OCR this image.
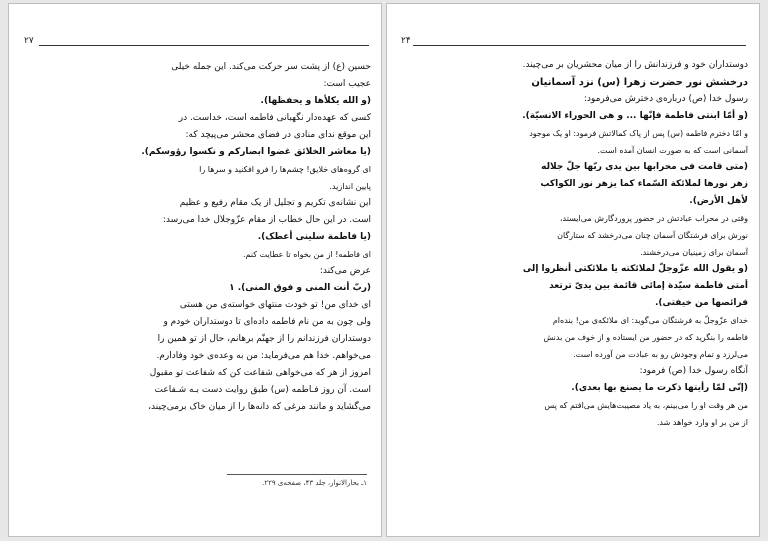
۲۷
حسین (ع) از پشت سر حرکت می‌کند. این جمله خیلی
عجیب است:
(و الله یکلأها و یحفظها).
کسی که عهده‌دار نگهبانی فاطمه است، خداست. در
این موقع ندای منادی در فضای محشر می‌پیچد که:
(یا معاشر الخلائق غضوا ابصارکم و نکسوا رؤوسکم).
ای گروه‌های خلایق! چشم‌ها را فرو افکنید و سرها را
پایین اندازید.
این نشانه‌ی تکریم و تجلیل از یک مقام رفیع و عظیم
است. در این حال خطاب از مقام عزّوجلال خدا می‌رسد:
(یا فاطمة سلینی أعطک).
ای فاطمه! از من بخواه تا عطایت کنم.
عرض می‌کند:
(ربّ أنت المنی و فوق المنی). ۱
ای خدای من! تو خودت منتهای خواسته‌ی من هستی
ولی چون به من نام فاطمه داده‌ای تا دوستداران خودم و
دوستداران فرزندانم را از جهنّم برهانم، حال از تو همین را
می‌خواهم. خدا هم می‌فرماید: من به وعده‌ی خود وفادارم.
امروز از هر که می‌خواهی شفاعت کن که شفاعت تو مقبول
است. آن روز فـاطمه (س) طبق روایت دست بـه شـفاعت
می‌گشاید و مانند مرغی که دانه‌ها را از میان خاک برمی‌چیند،
۱ـ بحارالانوار، جلد ۴۳، صفحه‌ی ۲۲۹.
۲۴
دوستداران خود و فرزندانش را از میان محشریان بر می‌چیند.
درخشش نور حضرت زهرا (س) نزد آسمانیان
رسول خدا (ص) درباره‌ی دخترش می‌فرمود:
(و أمّا ابنتی فاطمة فإنّها ... و هی الحوراء الانسیّة).
و امّا دخترم فاطمه (س) پس از پاک کمالاتش فرمود: او یک موجود
آسمانی است که به صورت انسان آمده است.
(متی قامت فی محرابها بین یدی ربّها جلّ جلاله
زهر نورها لملائکة السّماء کما یزهر نور الکواکب
لأهل الأرض).
وقتی در محراب عبادتش در حضور پروردگارش می‌ایستد،
نورش برای فرشتگان آسمان چنان می‌درخشد که ستارگان
آسمان برای زمینیان می‌درخشند.
(و یقول الله عزّوجلّ لملائکته یا ملائکتی أنظروا إلی
أمتی فاطمة سیّدة إمائی قائمة بین یدیّ ترتعد
فرائصها من خیفتی).
خدای عزّوجلّ به فرشتگان می‌گوید: ای ملائکه‌ی من! بنده‌ام
فاطمه را بنگرید که در حضور من ایستاده و از خوف من بدنش
می‌لرزد و تمام وجودش رو به عبادت من آورده است.
آنگاه رسول خدا (ص) فرمود:
(إنّی لمّا رأیتها ذکرت ما یصنع بها بعدی).
من هر وقت او را می‌بینم، به یاد مصیبت‌هایش می‌افتم که پس
از من بر او وارد خواهد شد.
